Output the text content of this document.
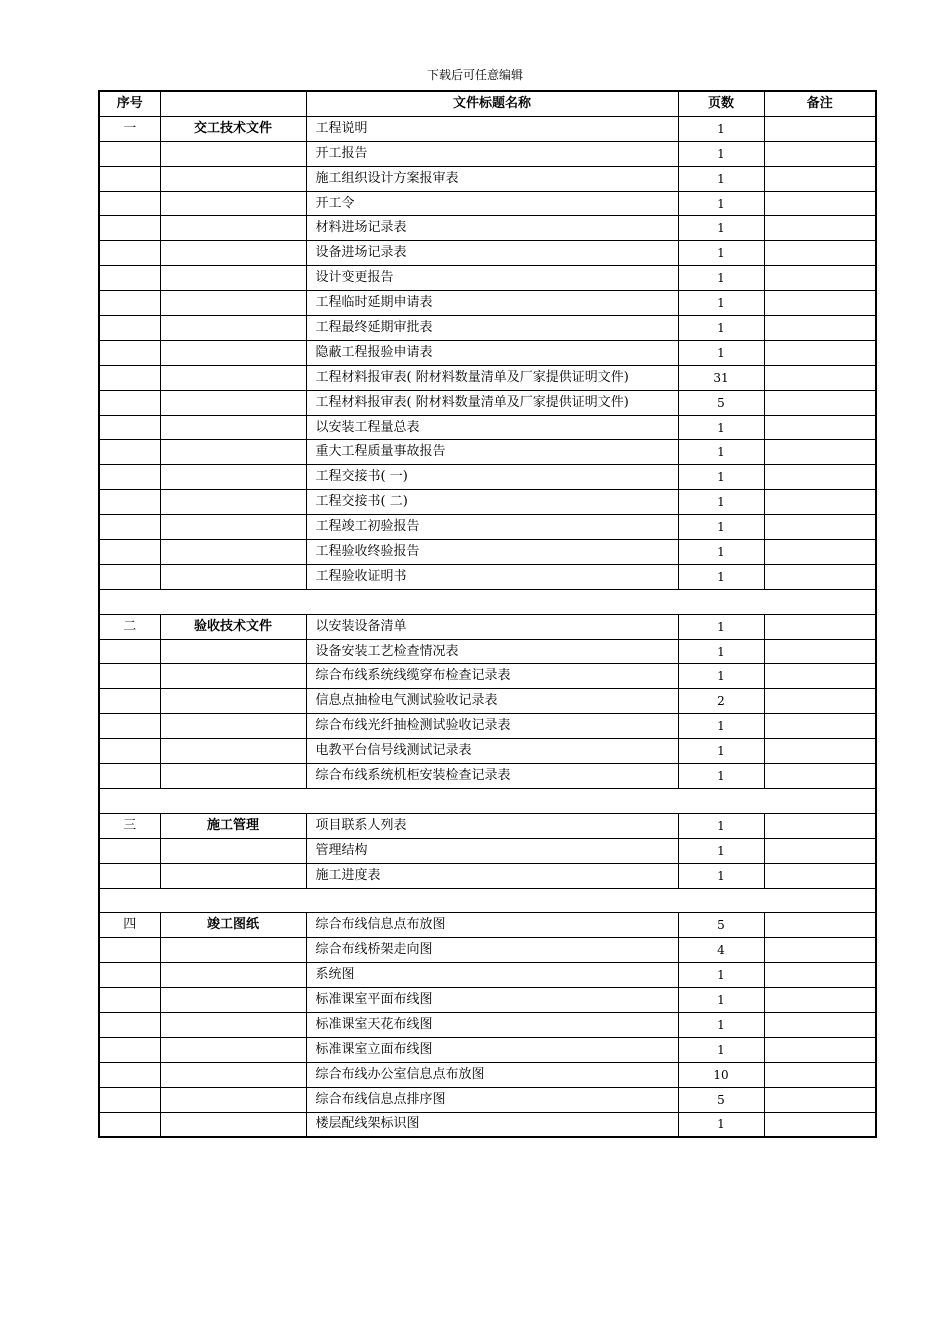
下载后可任意编辑
序号		文件标题名称	页数	备注
一	交工技术文件	工程说明	1	
		开工报告	1	
		施工组织设计方案报审表	1	
		开工令	1	
		材料进场记录表	1	
		设备进场记录表	1	
		设计变更报告	1	
		工程临时延期申请表	1	
		工程最终延期审批表	1	
		隐蔽工程报验申请表	1	
		工程材料报审表( 附材料数量清单及厂家提供证明文件)	31	
		工程材料报审表( 附材料数量清单及厂家提供证明文件)	5	
		以安装工程量总表	1	
		重大工程质量事故报告	1	
		工程交接书( 一)	1	
		工程交接书( 二)	1	
		工程竣工初验报告	1	
		工程验收终验报告	1	
		工程验收证明书	1	

二	验收技术文件	以安装设备清单	1	
		设备安装工艺检查情况表	1	
		综合布线系统线缆穿布检查记录表	1	
		信息点抽检电气测试验收记录表	2	
		综合布线光纤抽检测试验收记录表	1	
		电教平台信号线测试记录表	1	
		综合布线系统机柜安装检查记录表	1	

三	施工管理	项目联系人列表	1	
		管理结构	1	
		施工进度表	1	

四	竣工图纸	综合布线信息点布放图	5	
		综合布线桥架走向图	4	
		系统图	1	
		标准课室平面布线图	1	
		标准课室天花布线图	1	
		标准课室立面布线图	1	
		综合布线办公室信息点布放图	10	
		综合布线信息点排序图	5	
		楼层配线架标识图	1	
